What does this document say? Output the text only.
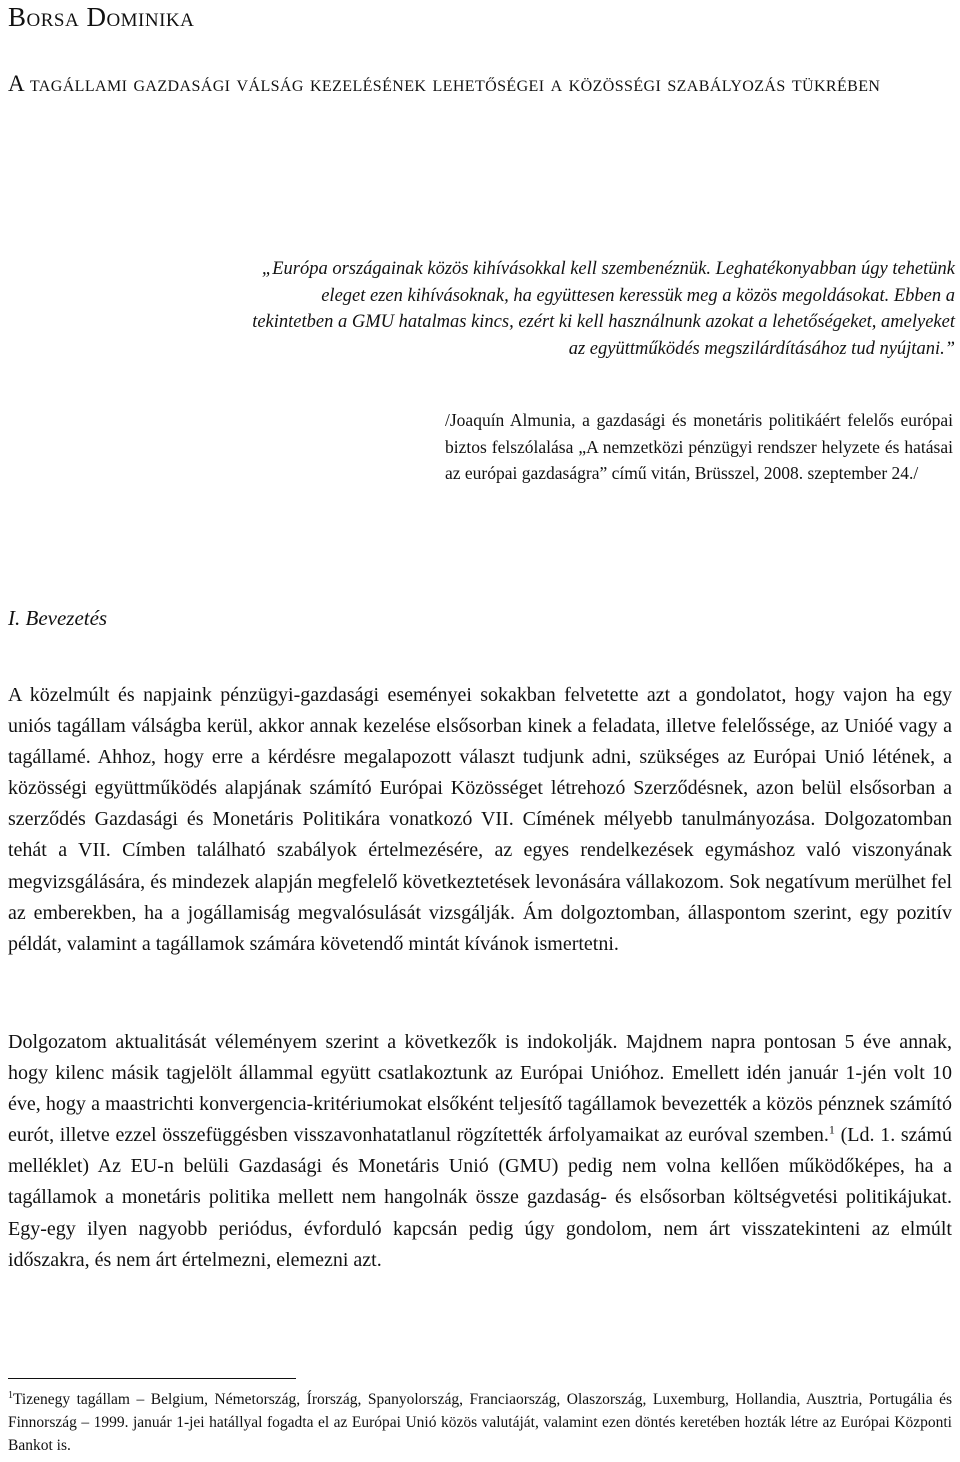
Borsa Dominika
A tagállami gazdasági válság kezelésének lehetőségei a közösségi szabályozás tükrében

„Európa országainak közös kihívásokkal kell szembenéznük. Leghatékonyabban úgy tehetünk eleget ezen kihívásoknak, ha együttesen keressük meg a közös megoldásokat. Ebben a tekintetben a GMU hatalmas kincs, ezért ki kell használnunk azokat a lehetőségeket, amelyeket az együttműködés megszilárdításához tud nyújtani.”

/Joaquín Almunia, a gazdasági és monetáris politikáért felelős európai biztos felszólalása „A nemzetközi pénzügyi rendszer helyzete és hatásai az európai gazdaságra” című vitán, Brüsszel, 2008. szeptember 24./

I. Bevezetés

A közelmúlt és napjaink pénzügyi-gazdasági eseményei sokakban felvetette azt a gondolatot, hogy vajon ha egy uniós tagállam válságba kerül, akkor annak kezelése elsősorban kinek a feladata, illetve felelőssége, az Unióé vagy a tagállamé. Ahhoz, hogy erre a kérdésre megalapozott választ tudjunk adni, szükséges az Európai Unió létének, a közösségi együttműködés alapjának számító Európai Közösséget létrehozó Szerződésnek, azon belül elsősorban a szerződés Gazdasági és Monetáris Politikára vonatkozó VII. Címének mélyebb tanulmányozása. Dolgozatomban tehát a VII. Címben található szabályok értelmezésére, az egyes rendelkezések egymáshoz való viszonyának megvizsgálására, és mindezek alapján megfelelő következtetések levonására vállakozom. Sok negatívum merülhet fel az emberekben, ha a jogállamiság megvalósulását vizsgálják. Ám dolgoztomban, állaspontom szerint, egy pozitív példát, valamint a tagállamok számára követendő mintát kívánok ismertetni.

Dolgozatom aktualitását véleményem szerint a következők is indokolják. Majdnem napra pontosan 5 éve annak, hogy kilenc másik tagjelölt állammal együtt csatlakoztunk az Európai Unióhoz. Emellett idén január 1-jén volt 10 éve, hogy a maastrichti konvergencia-kritériumokat elsőként teljesítő tagállamok bevezették a közös pénznek számító eurót, illetve ezzel összefüggésben visszavonhatatlanul rögzítették árfolyamaikat az euróval szemben.$^1$ (Ld. 1. számú melléklet) Az EU-n belüli Gazdasági és Monetáris Unió (GMU) pedig nem volna kellően működőképes, ha a tagállamok a monetáris politika mellett nem hangolnák össze gazdaság- és elsősorban költségvetési politikájukat. Egy-egy ilyen nagyobb periódus, évforduló kapcsán pedig úgy gondolom, nem árt visszatekinteni az elmúlt időszakra, és nem árt értelmezni, elemezni azt.

$^1$Tizenegy tagállam – Belgium, Németország, Írország, Spanyolország, Franciaország, Olaszország, Luxemburg, Hollandia, Ausztria, Portugália és Finnország – 1999. január 1-jei hatállyal fogadta el az Európai Unió közös valutáját, valamint ezen döntés keretében hozták létre az Európai Központi Bankot is.
